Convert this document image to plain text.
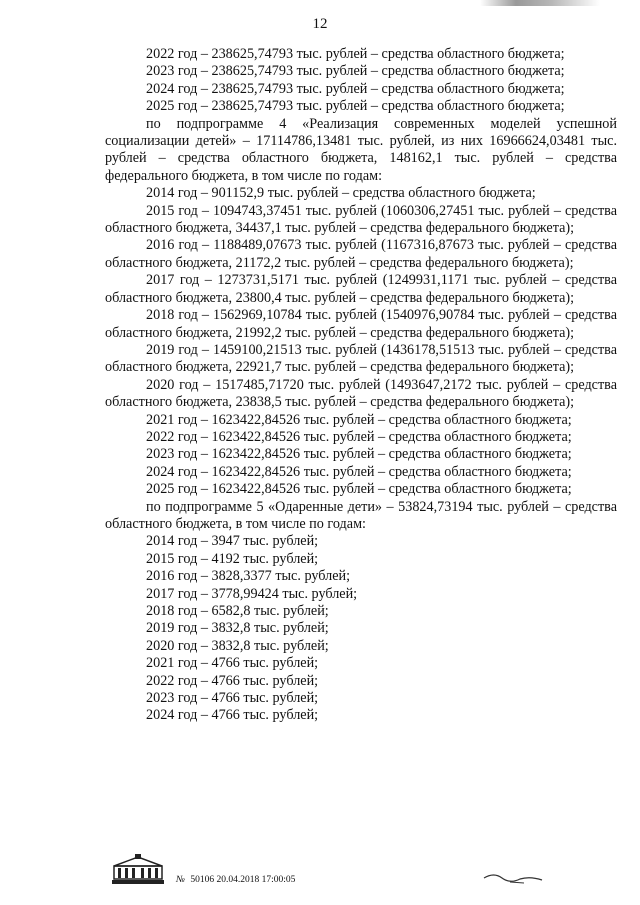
12

2022 год – 238625,74793 тыс. рублей – средства областного бюджета;

2023 год – 238625,74793 тыс. рублей – средства областного бюджета;

2024 год – 238625,74793 тыс. рублей – средства областного бюджета;

2025 год – 238625,74793 тыс. рублей – средства областного бюджета;

по подпрограмме 4 «Реализация современных моделей успешной социализации детей» – 17114786,13481 тыс. рублей, из них 16966624,03481 тыс. рублей – средства областного бюджета, 148162,1 тыс. рублей – средства федерального бюджета, в том числе по годам:

2014 год – 901152,9 тыс. рублей – средства областного бюджета;

2015 год – 1094743,37451 тыс. рублей (1060306,27451 тыс. рублей – средства областного бюджета, 34437,1 тыс. рублей – средства федерального бюджета);

2016 год – 1188489,07673 тыс. рублей (1167316,87673 тыс. рублей – средства областного бюджета, 21172,2 тыс. рублей – средства федерального бюджета);

2017 год – 1273731,5171 тыс. рублей (1249931,1171 тыс. рублей – средства областного бюджета, 23800,4 тыс. рублей – средства федерального бюджета);

2018 год – 1562969,10784 тыс. рублей (1540976,90784 тыс. рублей – средства областного бюджета, 21992,2 тыс. рублей – средства федерального бюджета);

2019 год – 1459100,21513 тыс. рублей (1436178,51513 тыс. рублей – средства областного бюджета, 22921,7 тыс. рублей – средства федерального бюджета);

2020 год – 1517485,71720 тыс. рублей (1493647,2172 тыс. рублей – средства областного бюджета, 23838,5 тыс. рублей – средства федерального бюджета);

2021 год – 1623422,84526 тыс. рублей – средства областного бюджета;

2022 год – 1623422,84526 тыс. рублей – средства областного бюджета;

2023 год – 1623422,84526 тыс. рублей – средства областного бюджета;

2024 год – 1623422,84526 тыс. рублей – средства областного бюджета;

2025 год – 1623422,84526 тыс. рублей – средства областного бюджета;

по подпрограмме 5 «Одаренные дети» – 53824,73194 тыс. рублей – средства областного бюджета, в том числе по годам:

2014 год – 3947 тыс. рублей;

2015 год – 4192 тыс. рублей;

2016 год – 3828,3377 тыс. рублей;

2017 год – 3778,99424 тыс. рублей;

2018 год – 6582,8 тыс. рублей;

2019 год – 3832,8 тыс. рублей;

2020 год – 3832,8 тыс. рублей;

2021 год – 4766 тыс. рублей;

2022 год – 4766 тыс. рублей;

2023 год – 4766 тыс. рублей;

2024 год – 4766 тыс. рублей;

№ 50106 20.04.2018 17:00:05
